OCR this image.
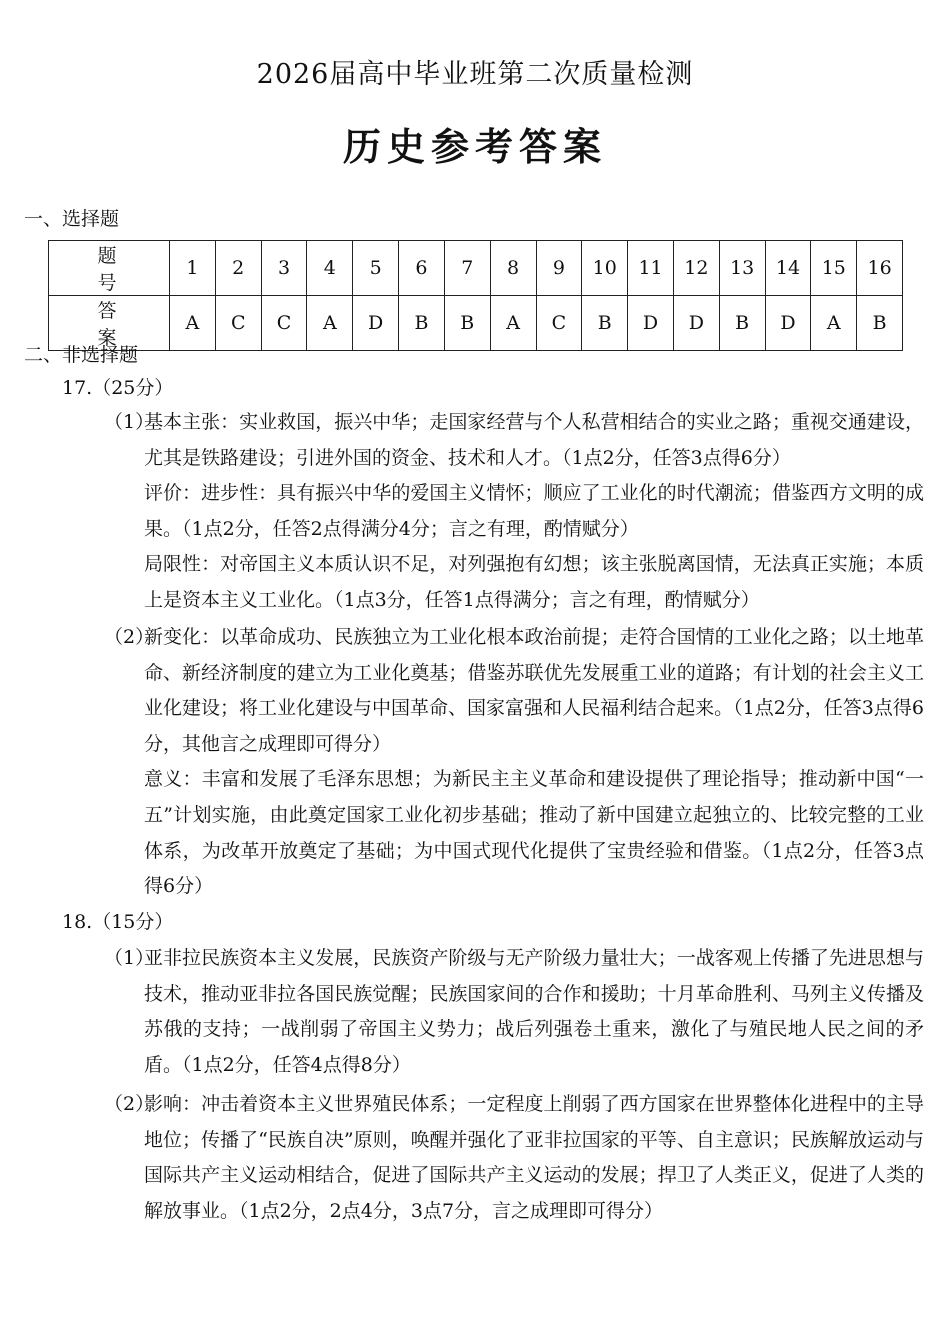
2026届高中毕业班第二次质量检测
历史参考答案
一、选择题
题　号	1	2	3	4	5	6	7	8	9	10	11	12	13	14	15	16
答　案	A	C	C	A	D	B	B	A	C	B	D	D	B	D	A	B
二、非选择题
17.（25分）
（1）

基本主张：实业救国，振兴中华；走国家经营与个人私营相结合的实业之路；重视交通建设，尤其是铁路建设；引进外国的资金、技术和人才。（1点2分，任答3点得6分）

评价：进步性：具有振兴中华的爱国主义情怀；顺应了工业化的时代潮流；借鉴西方文明的成果。（1点2分，任答2点得满分4分；言之有理，酌情赋分）

局限性：对帝国主义本质认识不足，对列强抱有幻想；该主张脱离国情，无法真正实施；本质上是资本主义工业化。（1点3分，任答1点得满分；言之有理，酌情赋分）

（2）

新变化：以革命成功、民族独立为工业化根本政治前提；走符合国情的工业化之路；以土地革命、新经济制度的建立为工业化奠基；借鉴苏联优先发展重工业的道路；有计划的社会主义工业化建设；将工业化建设与中国革命、国家富强和人民福利结合起来。（1点2分，任答3点得6分，其他言之成理即可得分）

意义：丰富和发展了毛泽东思想；为新民主主义革命和建设提供了理论指导；推动新中国“一五”计划实施，由此奠定国家工业化初步基础；推动了新中国建立起独立的、比较完整的工业体系，为改革开放奠定了基础；为中国式现代化提供了宝贵经验和借鉴。（1点2分，任答3点得6分）

18.（15分）
（1）

亚非拉民族资本主义发展，民族资产阶级与无产阶级力量壮大；一战客观上传播了先进思想与技术，推动亚非拉各国民族觉醒；民族国家间的合作和援助；十月革命胜利、马列主义传播及苏俄的支持；一战削弱了帝国主义势力；战后列强卷土重来，激化了与殖民地人民之间的矛盾。（1点2分，任答4点得8分）

（2）

影响：冲击着资本主义世界殖民体系；一定程度上削弱了西方国家在世界整体化进程中的主导地位；传播了“民族自决”原则，唤醒并强化了亚非拉国家的平等、自主意识；民族解放运动与国际共产主义运动相结合，促进了国际共产主义运动的发展；捍卫了人类正义，促进了人类的解放事业。（1点2分，2点4分，3点7分，言之成理即可得分）
